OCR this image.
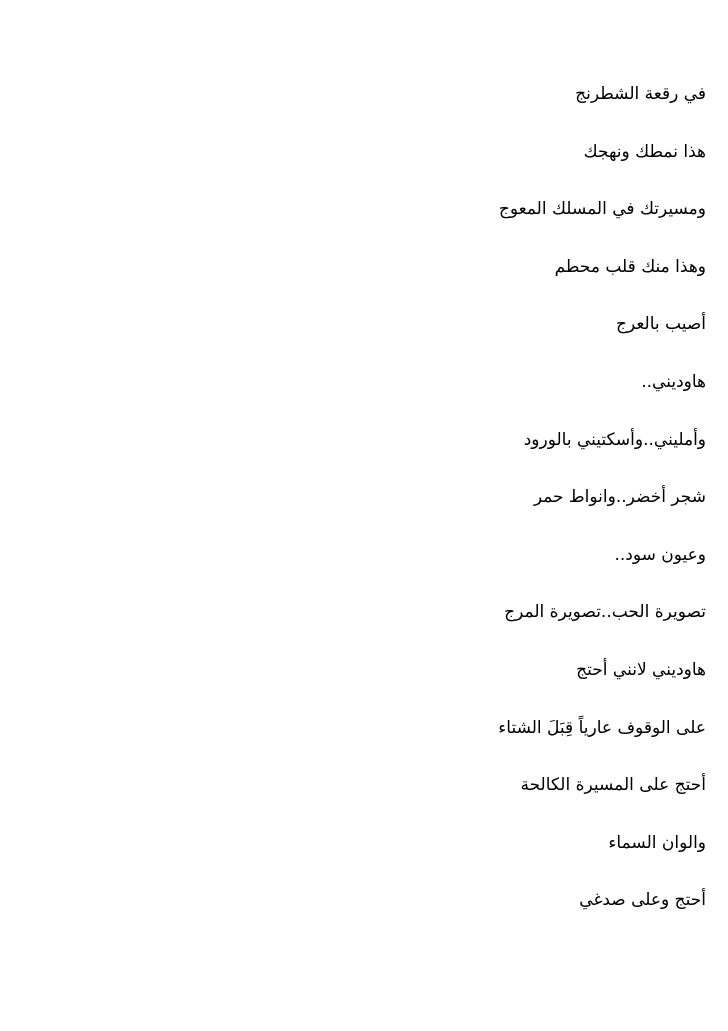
في رقعة الشطرنج
هذا نمطك ونهجك
ومسيرتك في المسلك المعوج
وهذا منك قلب محطم
أصيب بالعرج
هاوديني..
وأمليني..وأسكتيني بالورود
شجر أخضر..وانواط حمر
وعيون سود..
تصويرة الحب..تصويرة المرج
هاوديني لانني أحتج
على الوقوف عارياً قِبَلَ الشتاء
أحتج على المسيرة الكالحة
والوان السماء
أحتج وعلى صدغي
